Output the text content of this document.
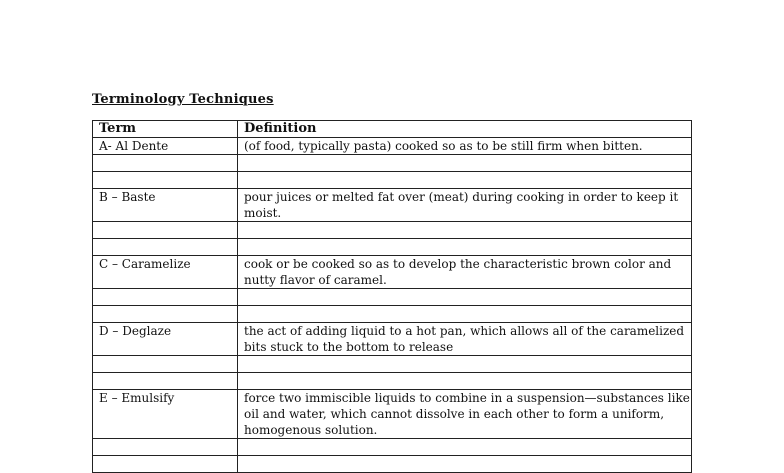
Terminology Techniques
Term	Definition
A- Al Dente	(of food, typically pasta) cooked so as to be still firm when bitten.

B – Baste	pour juices or melted fat over (meat) during cooking in order to keep it moist.

C – Caramelize	cook or be cooked so as to develop the characteristic brown color and nutty flavor of caramel.

D – Deglaze	the act of adding liquid to a hot pan, which allows all of the caramelized bits stuck to the bottom to release

E – Emulsify	force two immiscible liquids to combine in a suspension—substances like oil and water, which cannot dissolve in each other to form a uniform, homogenous solution.
